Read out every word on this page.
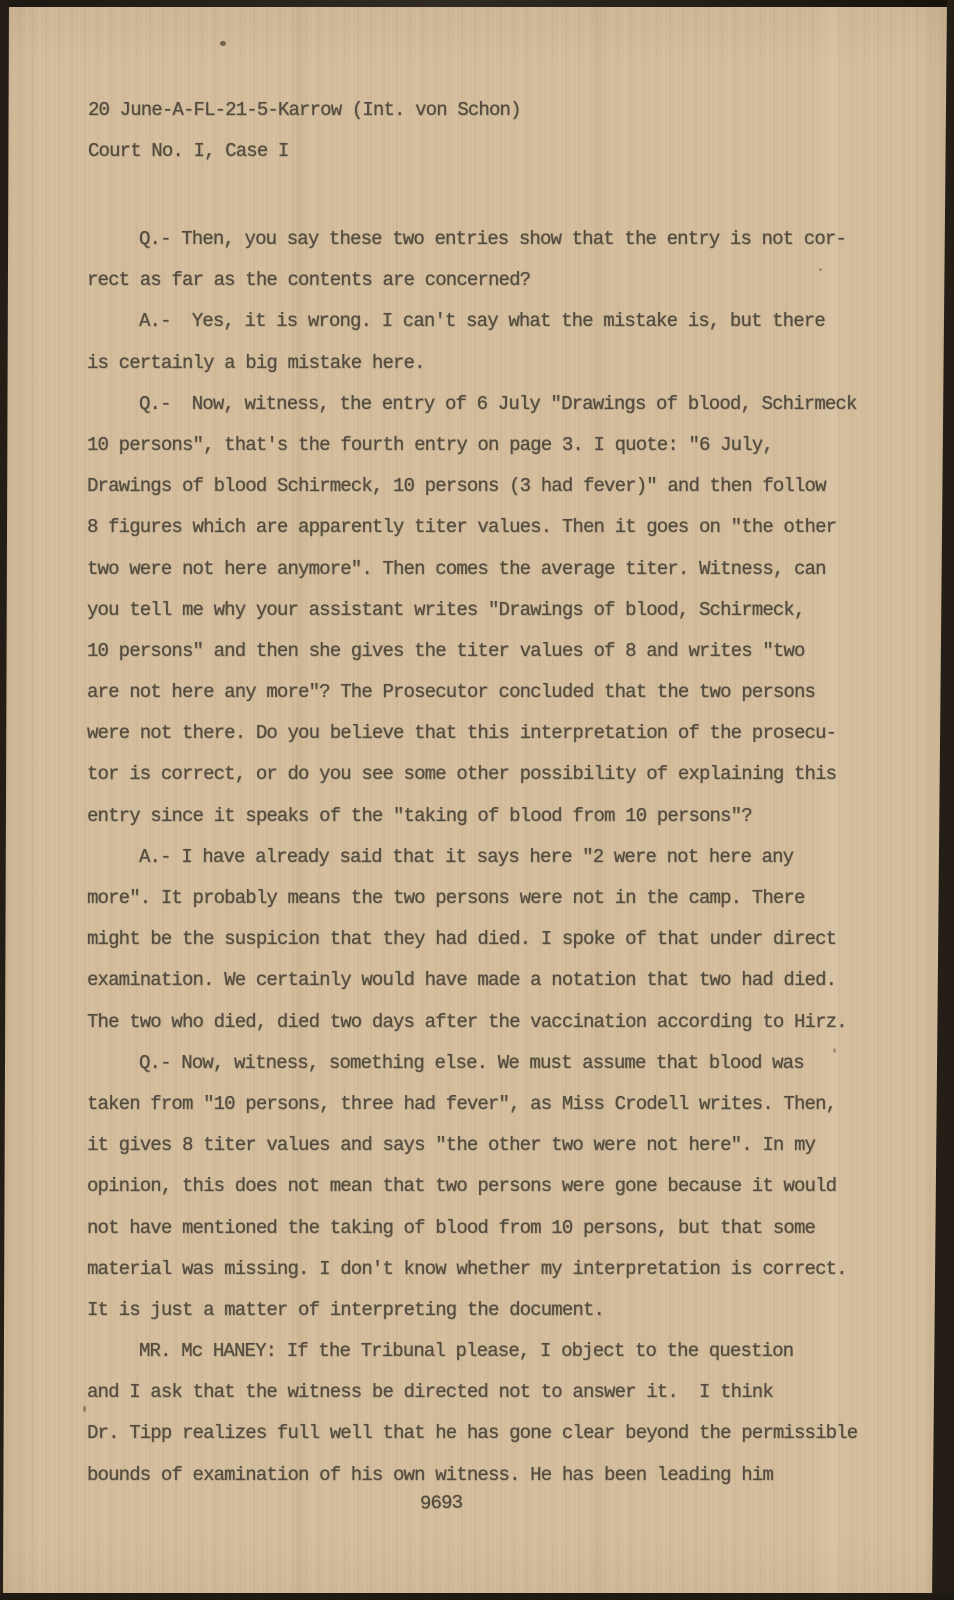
20 June-A-FL-21-5-Karrow (Int. von Schon)
Court No. I, Case I
Q.- Then, you say these two entries show that the entry is not cor-
rect as far as the contents are concerned?
A.-  Yes, it is wrong. I can't say what the mistake is, but there
is certainly a big mistake here.
Q.-  Now, witness, the entry of 6 July "Drawings of blood, Schirmeck
10 persons", that's the fourth entry on page 3. I quote: "6 July,
Drawings of blood Schirmeck, 10 persons (3 had fever)" and then follow
8 figures which are apparently titer values. Then it goes on "the other
two were not here anymore". Then comes the average titer. Witness, can
you tell me why your assistant writes "Drawings of blood, Schirmeck,
10 persons" and then she gives the titer values of 8 and writes "two
are not here any more"? The Prosecutor concluded that the two persons
were not there. Do you believe that this interpretation of the prosecu-
tor is correct, or do you see some other possibility of explaining this
entry since it speaks of the "taking of blood from 10 persons"?
A.- I have already said that it says here "2 were not here any
more". It probably means the two persons were not in the camp. There
might be the suspicion that they had died. I spoke of that under direct
examination. We certainly would have made a notation that two had died.
The two who died, died two days after the vaccination according to Hirz.
Q.- Now, witness, something else. We must assume that blood was
taken from "10 persons, three had fever", as Miss Crodell writes. Then,
it gives 8 titer values and says "the other two were not here". In my
opinion, this does not mean that two persons were gone because it would
not have mentioned the taking of blood from 10 persons, but that some
material was missing. I don't know whether my interpretation is correct.
It is just a matter of interpreting the document.
MR. Mc HANEY: If the Tribunal please, I object to the question
and I ask that the witness be directed not to answer it.  I think
Dr. Tipp realizes full well that he has gone clear beyond the permissible
bounds of examination of his own witness. He has been leading him
9693
